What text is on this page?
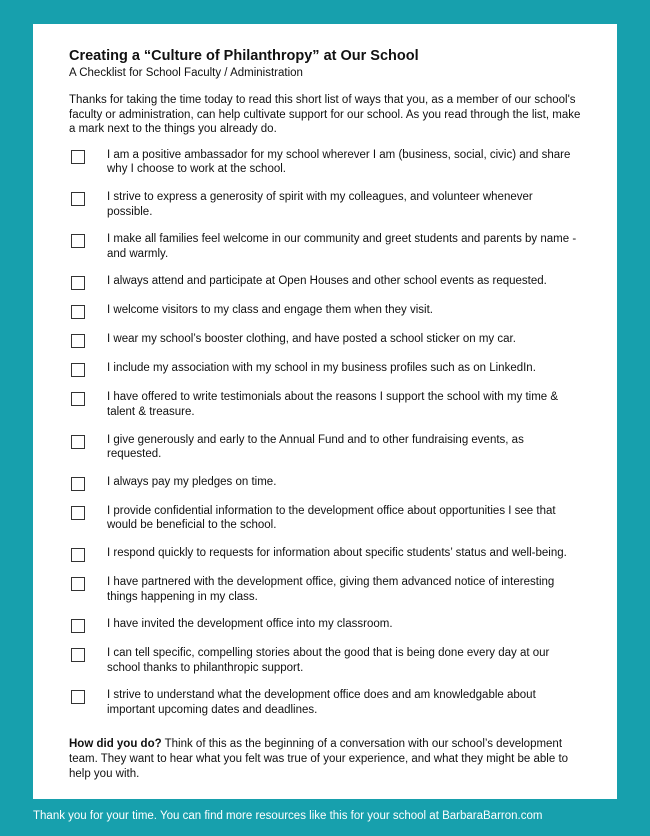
Creating a “Culture of Philanthropy” at Our School

A Checklist for School Faculty / Administration

Thanks for taking the time today to read this short list of ways that you, as a member of our school's faculty or administration, can help cultivate support for our school. As you read through the list, make a mark next to the things you already do.

I am a positive ambassador for my school wherever I am (business, social, civic) and share why I choose to work at the school.
I strive to express a generosity of spirit with my colleagues, and volunteer whenever possible.
I make all families feel welcome in our community and greet students and parents by name - and warmly.
I always attend and participate at Open Houses and other school events as requested.
I welcome visitors to my class and engage them when they visit.
I wear my school’s booster clothing, and have posted a school sticker on my car.
I include my association with my school in my business profiles such as on LinkedIn.
I have offered to write testimonials about the reasons I support the school with my time & talent & treasure.
I give generously and early to the Annual Fund and to other fundraising events, as requested.
I always pay my pledges on time.
I provide confidential information to the development office about opportunities I see that would be beneficial to the school.
I respond quickly to requests for information about specific students’ status and well-being.
I have partnered with the development office, giving them advanced notice of interesting things happening in my class.
I have invited the development office into my classroom.
I can tell specific, compelling stories about the good that is being done every day at our school thanks to philanthropic support.
I strive to understand what the development office does and am knowledgable about important upcoming dates and deadlines.

How did you do? Think of this as the beginning of a conversation with our school’s development team. They want to hear what you felt was true of your experience, and what they might be able to help you with.

Thank you for your time. You can find more resources like this for your school at BarbaraBarron.com
